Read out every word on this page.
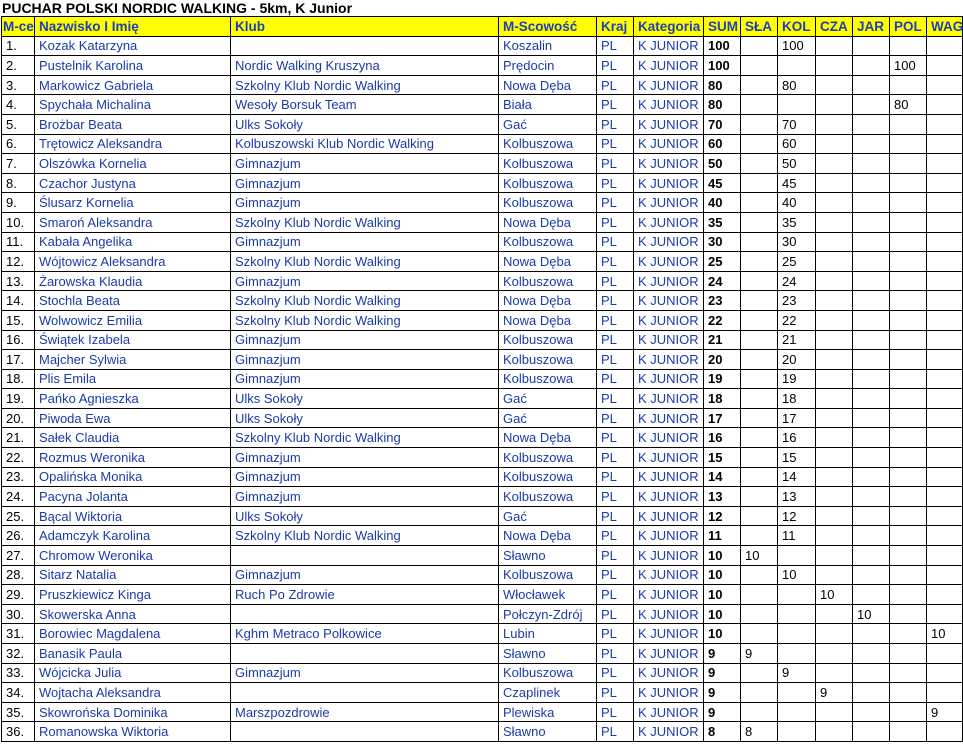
PUCHAR POLSKI NORDIC WALKING - 5km, K Junior
M-ce	Nazwisko I Imię	Klub	M-Scowość	Kraj	Kategoria	SUM	SŁA	KOL	CZA	JAR	POL	WAG
1.	Kozak Katarzyna		Koszalin	PL	K JUNIOR	100		100				
2.	Pustelnik Karolina	Nordic Walking Kruszyna	Prędocin	PL	K JUNIOR	100					100	
3.	Markowicz Gabriela	Szkolny Klub Nordic Walking	Nowa Dęba	PL	K JUNIOR	80		80				
4.	Spychała Michalina	Wesoły Borsuk Team	Biała	PL	K JUNIOR	80					80	
5.	Brożbar Beata	Ulks Sokoły	Gać	PL	K JUNIOR	70		70				
6.	Trętowicz Aleksandra	Kolbuszowski Klub Nordic Walking	Kolbuszowa	PL	K JUNIOR	60		60				
7.	Olszówka Kornelia	Gimnazjum	Kolbuszowa	PL	K JUNIOR	50		50				
8.	Czachor Justyna	Gimnazjum	Kolbuszowa	PL	K JUNIOR	45		45				
9.	Ślusarz Kornelia	Gimnazjum	Kolbuszowa	PL	K JUNIOR	40		40				
10.	Smaroń Aleksandra	Szkolny Klub Nordic Walking	Nowa Dęba	PL	K JUNIOR	35		35				
11.	Kabała Angelika	Gimnazjum	Kolbuszowa	PL	K JUNIOR	30		30				
12.	Wójtowicz Aleksandra	Szkolny Klub Nordic Walking	Nowa Dęba	PL	K JUNIOR	25		25				
13.	Żarowska Klaudia	Gimnazjum	Kolbuszowa	PL	K JUNIOR	24		24				
14.	Stochla Beata	Szkolny Klub Nordic Walking	Nowa Dęba	PL	K JUNIOR	23		23				
15.	Wolwowicz Emilia	Szkolny Klub Nordic Walking	Nowa Dęba	PL	K JUNIOR	22		22				
16.	Świątek Izabela	Gimnazjum	Kolbuszowa	PL	K JUNIOR	21		21				
17.	Majcher Sylwia	Gimnazjum	Kolbuszowa	PL	K JUNIOR	20		20				
18.	Plis Emila	Gimnazjum	Kolbuszowa	PL	K JUNIOR	19		19				
19.	Pańko Agnieszka	Ulks Sokoły	Gać	PL	K JUNIOR	18		18				
20.	Piwoda Ewa	Ulks Sokoły	Gać	PL	K JUNIOR	17		17				
21.	Sałek Claudia	Szkolny Klub Nordic Walking	Nowa Dęba	PL	K JUNIOR	16		16				
22.	Rozmus Weronika	Gimnazjum	Kolbuszowa	PL	K JUNIOR	15		15				
23.	Opalińska Monika	Gimnazjum	Kolbuszowa	PL	K JUNIOR	14		14				
24.	Pacyna Jolanta	Gimnazjum	Kolbuszowa	PL	K JUNIOR	13		13				
25.	Bącal Wiktoria	Ulks Sokoły	Gać	PL	K JUNIOR	12		12				
26.	Adamczyk Karolina	Szkolny Klub Nordic Walking	Nowa Dęba	PL	K JUNIOR	11		11				
27.	Chromow Weronika		Sławno	PL	K JUNIOR	10	10					
28.	Sitarz Natalia	Gimnazjum	Kolbuszowa	PL	K JUNIOR	10		10				
29.	Pruszkiewicz Kinga	Ruch Po Zdrowie	Włocławek	PL	K JUNIOR	10			10			
30.	Skowerska Anna		Połczyn-Zdrój	PL	K JUNIOR	10				10		
31.	Borowiec Magdalena	Kghm Metraco Polkowice	Lubin	PL	K JUNIOR	10						10
32.	Banasik Paula		Sławno	PL	K JUNIOR	9	9					
33.	Wójcicka Julia	Gimnazjum	Kolbuszowa	PL	K JUNIOR	9		9				
34.	Wojtacha Aleksandra		Czaplinek	PL	K JUNIOR	9			9			
35.	Skowrońska Dominika	Marszpozdrowie	Plewiska	PL	K JUNIOR	9						9
36.	Romanowska Wiktoria		Sławno	PL	K JUNIOR	8	8					
